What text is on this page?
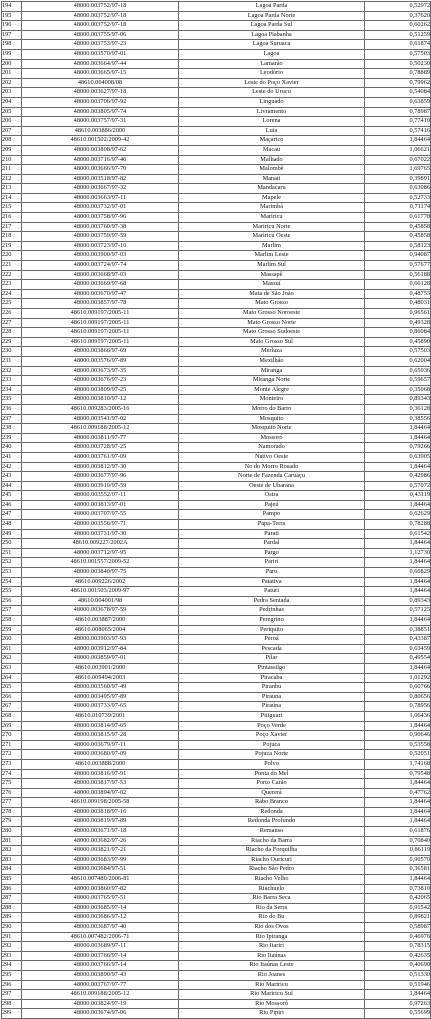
194	48000.003752/97-18	Lagoa Parda	0,52972
195	48000.003752/97-18	Lagoa Parda Norte	0,37620
196	48000.003752/97-18	Lagoa Parda Sul	0,60262
197	48000.003755/97-06	Lagoa Piabanha	0,51259
198	48000.003753/97-23	Lagoa Suruaca	0,61874
199	48000.003570/97-01	Lagoa	0,57503
200	48000.003664/97-44	Lamarão	0,50230
201	48000.003665/97-15	Leodório	0,78889
202	48610.004008/08	Leste do Poço Xavier	0,79962
203	48000.003627/97-18	Leste do Urucu	0,54084
204	48000.003706/97-92	Linguado	0,63859
205	48000.003805/97-74	Livramento	0,78987
206	48000.003757/97-31	Lorena	0,77410
207	48610.003886/2000	Luia	0,57416
208	48610.001502/2009-42	Maçarico	1,84464
209	48000.003808/97-62	Macau	1,06621
210	48000.003716/97-46	Malhado	0,67022
211	48000.003666/97-70	Malombê	1,69765
212	48000.003518/97-82	Manati	0,39891
213	48000.003667/97-32	Mandacaru	0,63086
214	48000.003663/97-11	Mapele	0,52733
215	48000.003732/97-01	Marimbá	0,71174
216	48000.003758/97-96	Mariricu	0,61778
217	48000.003760/97-38	Mariricu Norte	0,45858
218	48000.003759/97-59	Mariricu Oeste	0,45858
219	48000.003723/97-10	Marlim	0,58123
220	48000.003900/97-03	Marlim Leste	0,94087
221	48000.003724/97-74	Marlim Sul	0,57677
222	48000.003668/97-03	Massapê	0,56188
223	48000.003669/97-68	Massuí	0,66128
224	48000.003670/97-47	Mata de São João	0,48753
225	48000.003857/97-78	Mato Grosso	0,48031
226	48610.009197/2005-11	Mato Grosso Noroeste	0,96561
227	48610.009197/2005-11	Mato Grosso Norte	0,49328
228	48610.009197/2005-11	Mato Grosso Sudoeste	0,86084
229	48610.009197/2005-11	Mato Grosso Sul	0,45890
230	48000.003866/97-69	Merluza	0,57503
231	48000.003576/97-89	Mexilhão	0,62004
232	48000.003673/97-35	Miranga	0,65036
233	48000.003676/97-23	Miranga Norte	0,59657
234	48000.003809/97-25	Monte Alegre	0,35068
235	48000.003810/97-12	Monteiro	0,89343
236	48610.009283/2005-16	Morro do Barro	0,36128
237	48000.003541/97-02	Mosquito	0,38556
238	48610.009188/2005-12	Mosquito Norte	1,84464
239	48000.003811/97-77	Mossoró	1,84464
240	48000.003728/97-25	Namorado	0,79266
241	48000.003761/97-09	Nativo Oeste	0,63905
242	48000.003812/97-30	No do Morro Rosado	1,84464
243	48000.003677/97-96	Norte de Fazenda Caruaçu	0,42986
244	48000.003910/97-59	Oeste de Ubarana	0,57072
245	48000.003552/97-11	Ostra	0,43119
246	48000.003813/97-01	Pajeú	1,84464
247	48000.003707/97-55	Pampo	0,62629
248	48000.003556/97-71	Papa-Terra	0,78288
249	48000.003731/97-30	Parati	0,61542
250	48610.009227/2002A	Pardal	1,84464
251	48000.003712/97-95	Pargo	1,12730
252	48610.001557/2009-52	Pariri	1,84464
253	48000.003840/97-75	Paru	0,60829
254	48610.009226/2002	Patativa	1,84464
255	48610.001503/2009-97	Paturi	1,84464
256	48610.004001/98	Pedra Sentada	0,89343
257	48000.003678/97-59	Pedrinhas	0,57125
258	48610.003887/2000	Peregrino	1,84464
259	48610.008065/2004	Periquito	0,38851
260	48000.003903/97-93	Peroá	0,43387
261	48000.003912/97-84	Pescada	0,63459
262	48000.003859/97-01	Pilar	0,49554
263	48610.003901/2000	Pintassilgo	1,84464
264	48610.009494/2003	Piracaba	1,01292
265	48000.003560/97-49	Piranbu	0,60766
266	48000.003495/97-89	Pirauna	0,80656
267	48000.003733/97-65	Piraúna	0,78956
268	48610.010739/2001	Pitiguari	1,06436
269	48000.003814/97-65	Poço Verde	1,84464
270	48000.003815/97-28	Poço Xavier	0,90646
271	48000.003679/97-11	Pojuca	0,53558
272	48000.003680/97-09	Pojuca Norte	0,52051
273	48610.003888/2000	Polvo	1,74168
274	48000.003816/97-91	Ponta do Mel	0,79548
275	48000.003817/97-53	Porto Carão	1,84464
276	48000.003894/97-02	Quererá	0,47762
277	48610.009198/2005-58	Rabo Branco	1,84464
278	48000.003818/97-16	Redonda	1,84464
279	48000.003819/97-89	Redonda Profundo	1,84464
280	48000.003671/97-18	Remanso	0,61876
281	48000.003682/97-26	Riacho da Barra	0,70840
282	48000.003821/97-21	Riacho da Forquilha	0,86119
283	48000.003683/97-99	Riacho Ouricuri	0,90570
284	48000.003684/97-51	Riacho São Pedro	0,36581
285	48610.007480/2006-81	Riacho Velho	1,84464
286	48000.003860/97-82	Riachuelo	0,73810
287	48000.003765/97-51	Rio Barra Seca	0,42065
288	48000.003685/97-14	Rio da Serra	0,91542
289	48000.003686/97-12	Rio do Bu	0,89821
290	48000.003687/97-40	Rio dos Ovos	0,58987
291	48610.007482/2006-71	Rio Ipiranga	0,46976
292	48000.003689/97-11	Rio Itariri	0,78315
293	48000.003766/97-14	Rio Itaúnas	0,42635
294	48000.003766/97-14	Rio Itaúnas Leste	0,40690
295	48000.003890/97-43	Rio Joanes	0,51330
296	48000.003767/97-77	Rio Mariricu	0,51946
297	48610.009188/2005-12	Rio Mariricu Sul	1,84464
298	48000.003824/97-19	Rio Mossoró	0,97263
299	48000.003674/97-06	Rio Pipiri	0,55699
